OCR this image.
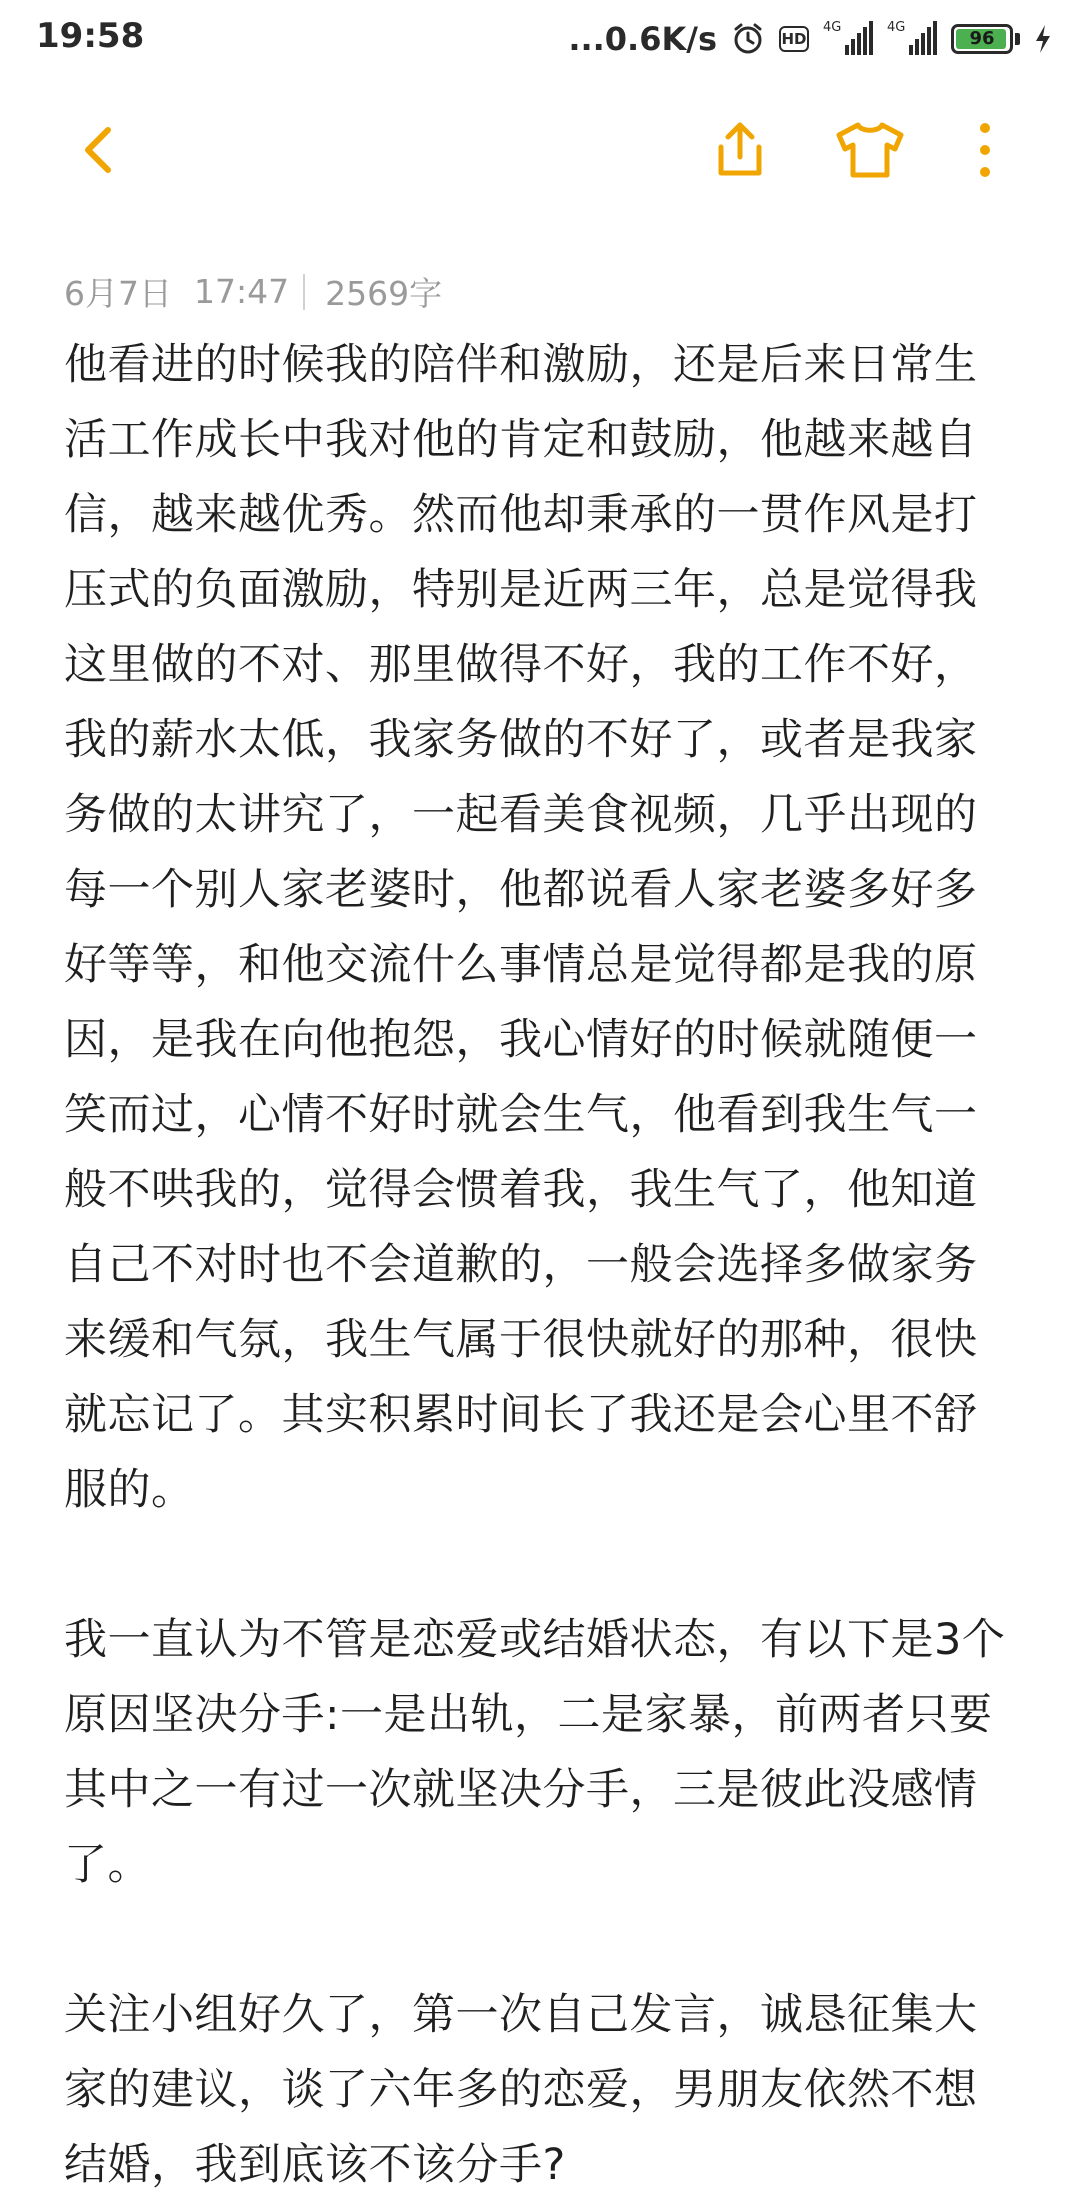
19:58	...0.6K/s	HD
4G	4G
96
6月7日 17:47 2569字

他看进的时候我的陪伴和激励，还是后来日常生活工作成长中我对他的肯定和鼓励，他越来越自信，越来越优秀。然而他却秉承的一贯作风是打压式的负面激励，特别是近两三年，总是觉得我这里做的不对、那里做得不好，我的工作不好，我的薪水太低，我家务做的不好了，或者是我家务做的太讲究了，一起看美食视频，几乎出现的每一个别人家老婆时，他都说看人家老婆多好多好等等，和他交流什么事情总是觉得都是我的原因，是我在向他抱怨，我心情好的时候就随便一笑而过，心情不好时就会生气，他看到我生气一般不哄我的，觉得会惯着我，我生气了，他知道自己不对时也不会道歉的，一般会选择多做家务来缓和气氛，我生气属于很快就好的那种，很快就忘记了。其实积累时间长了我还是会心里不舒服的。

我一直认为不管是恋爱或结婚状态，有以下是3个原因坚决分手:一是出轨，二是家暴，前两者只要其中之一有过一次就坚决分手，三是彼此没感情了。

关注小组好久了，第一次自己发言，诚恳征集大家的建议，谈了六年多的恋爱，男朋友依然不想结婚，我到底该不该分手?
